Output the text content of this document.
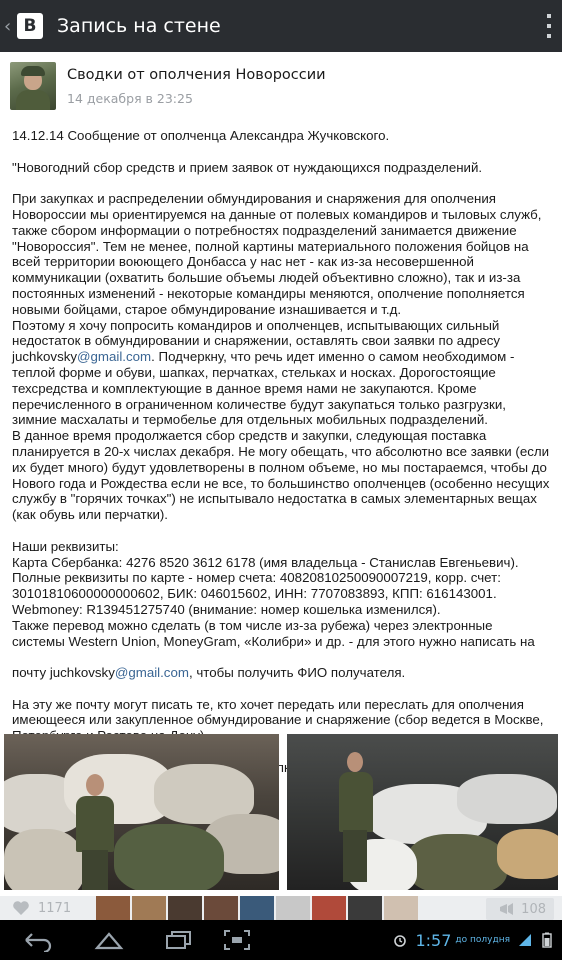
‹ B Запись на стене
Сводки от ополчения Новороссии
14 декабря в 23:25

14.12.14 Сообщение от ополченца Александра Жучковского.

"Новогодний сбор средств и прием заявок от нуждающихся подразделений.

При закупках и распределении обмундирования и снаряжения для ополчения
Новороссии мы ориентируемся на данные от полевых командиров и тыловых служб,
также сбором информации о потребностях подразделений занимается движение
"Новороссия". Тем не менее, полной картины материального положения бойцов на
всей территории воюющего Донбасса у нас нет - как из-за несовершенной
коммуникации (охватить большие объемы людей объективно сложно), так и из-за
постоянных изменений - некоторые командиры меняются, ополчение пополняется
новыми бойцами, старое обмундирование изнашивается и т.д.
Поэтому я хочу попросить командиров и ополченцев, испытывающих сильный
недостаток в обмундировании и снаряжении, оставлять свои заявки по адресу

juchkovsky@gmail.com. Подчеркну, что речь идет именно о самом необходимом -

теплой форме и обуви, шапках, перчатках, стельках и носках. Дорогостоящие
техсредства и комплектующие в данное время нами не закупаются. Кроме
перечисленного в ограниченном количестве будут закупаться только разгрузки,
зимние масхалаты и термобелье для отдельных мобильных подразделений.

В данное время продолжается сбор средств и закупки, следующая поставка
планируется в 20-х числах декабря. Не могу обещать, что абсолютно все заявки (если
их будет много) будут удовлетворены в полном объеме, но мы постараемся, чтобы до
Нового года и Рождества если не все, то большинство ополченцев (особенно несущих
службу в "горячих точках") не испытывало недостатка в самых элементарных вещах
(как обувь или перчатки).

Наши реквизиты:
Карта Сбербанка: 4276 8520 3612 6178 (имя владельца - Станислав Евгеньевич).
Полные реквизиты по карте - номер счета: 40820810250090007219, корр. счет:
30101810600000000602, БИК: 046015602, ИНН: 7707083893, КПП: 616143001.
Webmoney: R139451275740 (внимание: номер кошелька изменился).
Также перевод можно сделать (в том числе из-за рубежа) через электронные
системы Western Union, MoneyGram, «Колибри» и др. - для этого нужно написать на

почту juchkovsky@gmail.com, чтобы получить ФИО получателя.

На эту же почту могут писать те, кто хочет передать или переслать для ополчения
имеющееся или закупленное обмундирование и снаряжение (сбор ведется в Москве,

1171	108
1:57 до полудня
